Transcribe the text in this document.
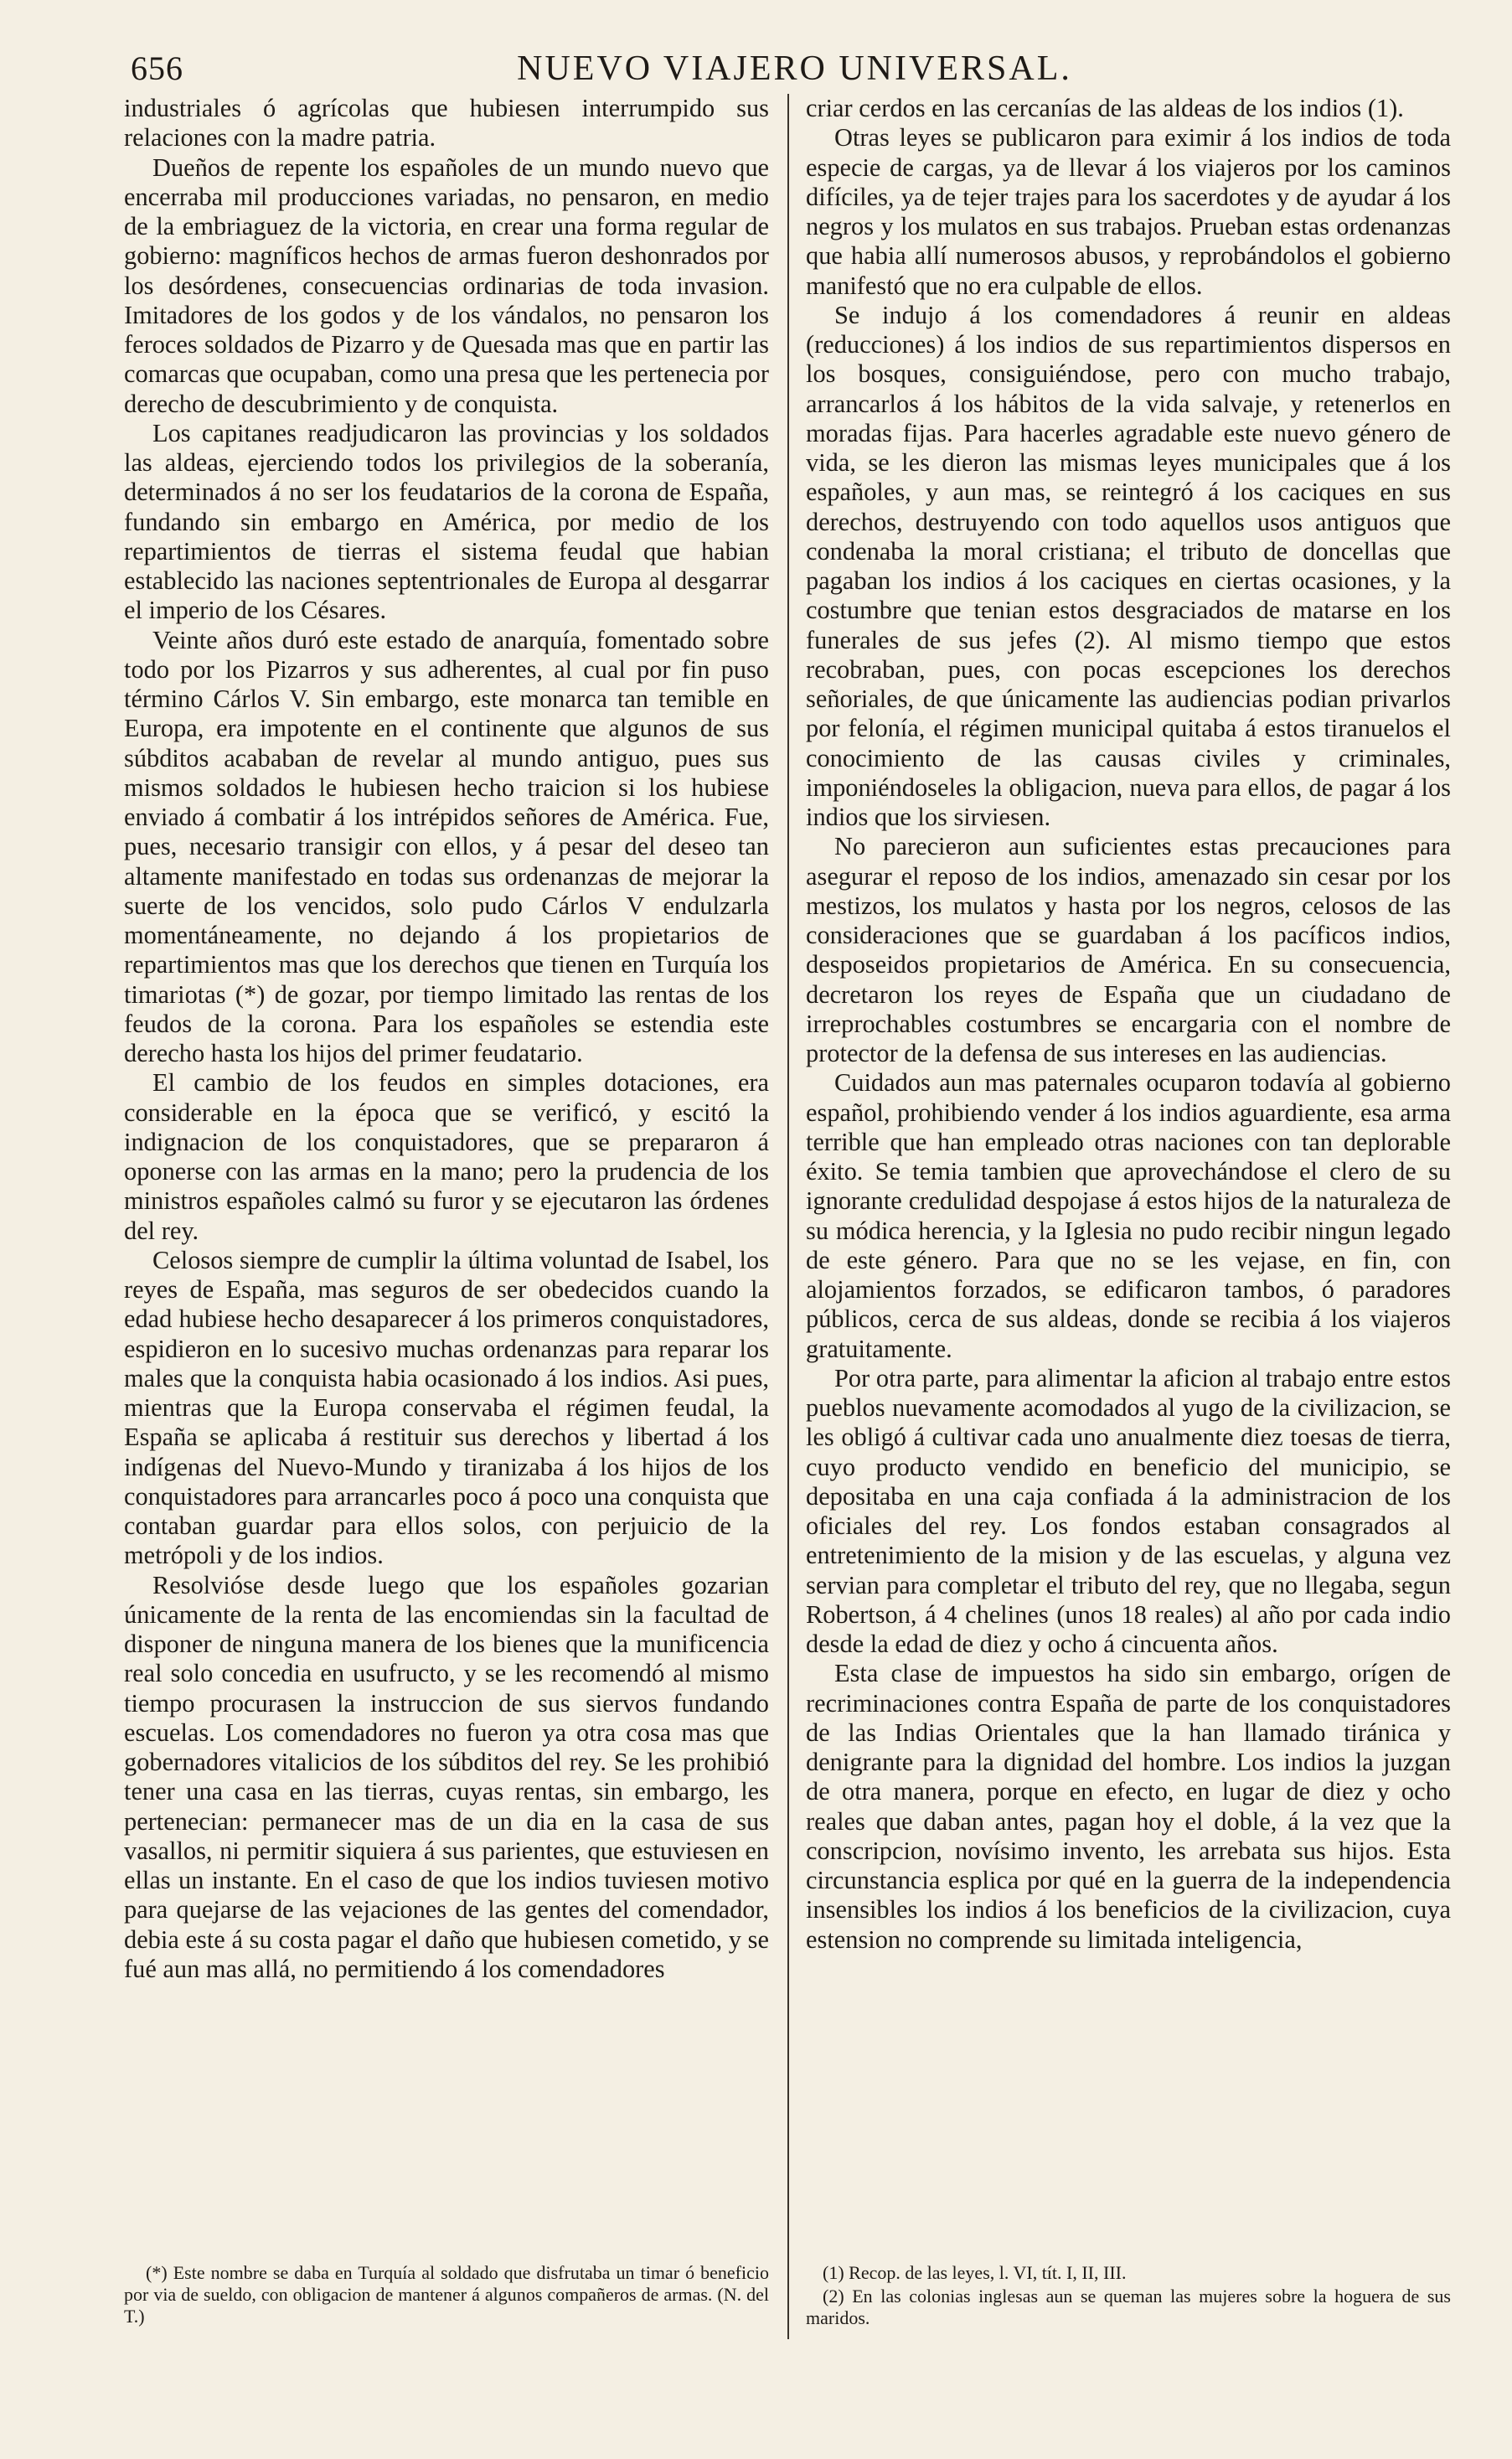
656	NUEVO VIAJERO UNIVERSAL.

industriales ó agrícolas que hubiesen interrumpido sus relaciones con la madre patria.

Dueños de repente los españoles de un mundo nuevo que encerraba mil producciones variadas, no pensaron, en medio de la embriaguez de la victoria, en crear una forma regular de gobierno: magníficos hechos de armas fueron deshonrados por los desórdenes, consecuencias ordinarias de toda invasion. Imitadores de los godos y de los vándalos, no pensaron los feroces soldados de Pizarro y de Quesada mas que en partir las comarcas que ocupaban, como una presa que les pertenecia por derecho de descubrimiento y de conquista.

Los capitanes readjudicaron las provincias y los soldados las aldeas, ejerciendo todos los privilegios de la soberanía, determinados á no ser los feudatarios de la corona de España, fundando sin embargo en América, por medio de los repartimientos de tierras el sistema feudal que habian establecido las naciones septentrionales de Europa al desgarrar el imperio de los Césares.

Veinte años duró este estado de anarquía, fomentado sobre todo por los Pizarros y sus adherentes, al cual por fin puso término Cárlos V. Sin embargo, este monarca tan temible en Europa, era impotente en el continente que algunos de sus súbditos acababan de revelar al mundo antiguo, pues sus mismos soldados le hubiesen hecho traicion si los hubiese enviado á combatir á los intrépidos señores de América. Fue, pues, necesario transigir con ellos, y á pesar del deseo tan altamente manifestado en todas sus ordenanzas de mejorar la suerte de los vencidos, solo pudo Cárlos V endulzarla momentáneamente, no dejando á los propietarios de repartimientos mas que los derechos que tienen en Turquía los timariotas (*) de gozar, por tiempo limitado las rentas de los feudos de la corona. Para los españoles se estendia este derecho hasta los hijos del primer feudatario.

El cambio de los feudos en simples dotaciones, era considerable en la época que se verificó, y escitó la indignacion de los conquistadores, que se prepararon á oponerse con las armas en la mano; pero la prudencia de los ministros españoles calmó su furor y se ejecutaron las órdenes del rey.

Celosos siempre de cumplir la última voluntad de Isabel, los reyes de España, mas seguros de ser obedecidos cuando la edad hubiese hecho desaparecer á los primeros conquistadores, espidieron en lo sucesivo muchas ordenanzas para reparar los males que la conquista habia ocasionado á los indios. Asi pues, mientras que la Europa conservaba el régimen feudal, la España se aplicaba á restituir sus derechos y libertad á los indígenas del Nuevo-Mundo y tiranizaba á los hijos de los conquistadores para arrancarles poco á poco una conquista que contaban guardar para ellos solos, con perjuicio de la metrópoli y de los indios.

Resolvióse desde luego que los españoles gozarian únicamente de la renta de las encomiendas sin la facultad de disponer de ninguna manera de los bienes que la munificencia real solo concedia en usufructo, y se les recomendó al mismo tiempo procurasen la instruccion de sus siervos fundando escuelas. Los comendadores no fueron ya otra cosa mas que gobernadores vitalicios de los súbditos del rey. Se les prohibió tener una casa en las tierras, cuyas rentas, sin embargo, les pertenecian: permanecer mas de un dia en la casa de sus vasallos, ni permitir siquiera á sus parientes, que estuviesen en ellas un instante. En el caso de que los indios tuviesen motivo para quejarse de las vejaciones de las gentes del comendador, debia este á su costa pagar el daño que hubiesen cometido, y se fué aun mas allá, no permitiendo á los comendadores

criar cerdos en las cercanías de las aldeas de los indios (1).

Otras leyes se publicaron para eximir á los indios de toda especie de cargas, ya de llevar á los viajeros por los caminos difíciles, ya de tejer trajes para los sacerdotes y de ayudar á los negros y los mulatos en sus trabajos. Prueban estas ordenanzas que habia allí numerosos abusos, y reprobándolos el gobierno manifestó que no era culpable de ellos.

Se indujo á los comendadores á reunir en aldeas (reducciones) á los indios de sus repartimientos dispersos en los bosques, consiguiéndose, pero con mucho trabajo, arrancarlos á los hábitos de la vida salvaje, y retenerlos en moradas fijas. Para hacerles agradable este nuevo género de vida, se les dieron las mismas leyes municipales que á los españoles, y aun mas, se reintegró á los caciques en sus derechos, destruyendo con todo aquellos usos antiguos que condenaba la moral cristiana; el tributo de doncellas que pagaban los indios á los caciques en ciertas ocasiones, y la costumbre que tenian estos desgraciados de matarse en los funerales de sus jefes (2). Al mismo tiempo que estos recobraban, pues, con pocas escepciones los derechos señoriales, de que únicamente las audiencias podian privarlos por felonía, el régimen municipal quitaba á estos tiranuelos el conocimiento de las causas civiles y criminales, imponiéndoseles la obligacion, nueva para ellos, de pagar á los indios que los sirviesen.

No parecieron aun suficientes estas precauciones para asegurar el reposo de los indios, amenazado sin cesar por los mestizos, los mulatos y hasta por los negros, celosos de las consideraciones que se guardaban á los pacíficos indios, desposeidos propietarios de América. En su consecuencia, decretaron los reyes de España que un ciudadano de irreprochables costumbres se encargaria con el nombre de protector de la defensa de sus intereses en las audiencias.

Cuidados aun mas paternales ocuparon todavía al gobierno español, prohibiendo vender á los indios aguardiente, esa arma terrible que han empleado otras naciones con tan deplorable éxito. Se temia tambien que aprovechándose el clero de su ignorante credulidad despojase á estos hijos de la naturaleza de su módica herencia, y la Iglesia no pudo recibir ningun legado de este género. Para que no se les vejase, en fin, con alojamientos forzados, se edificaron tambos, ó paradores públicos, cerca de sus aldeas, donde se recibia á los viajeros gratuitamente.

Por otra parte, para alimentar la aficion al trabajo entre estos pueblos nuevamente acomodados al yugo de la civilizacion, se les obligó á cultivar cada uno anualmente diez toesas de tierra, cuyo producto vendido en beneficio del municipio, se depositaba en una caja confiada á la administracion de los oficiales del rey. Los fondos estaban consagrados al entretenimiento de la mision y de las escuelas, y alguna vez servian para completar el tributo del rey, que no llegaba, segun Robertson, á 4 chelines (unos 18 reales) al año por cada indio desde la edad de diez y ocho á cincuenta años.

Esta clase de impuestos ha sido sin embargo, orígen de recriminaciones contra España de parte de los conquistadores de las Indias Orientales que la han llamado tiránica y denigrante para la dignidad del hombre. Los indios la juzgan de otra manera, porque en efecto, en lugar de diez y ocho reales que daban antes, pagan hoy el doble, á la vez que la conscripcion, novísimo invento, les arrebata sus hijos. Esta circunstancia esplica por qué en la guerra de la independencia insensibles los indios á los beneficios de la civilizacion, cuya estension no comprende su limitada inteligencia,

(*) Este nombre se daba en Turquía al soldado que disfrutaba un timar ó beneficio por via de sueldo, con obligacion de mantener á algunos compañeros de armas. (N. del T.)

(1) Recop. de las leyes, l. VI, tít. I, II, III.

(2) En las colonias inglesas aun se queman las mujeres sobre la hoguera de sus maridos.
